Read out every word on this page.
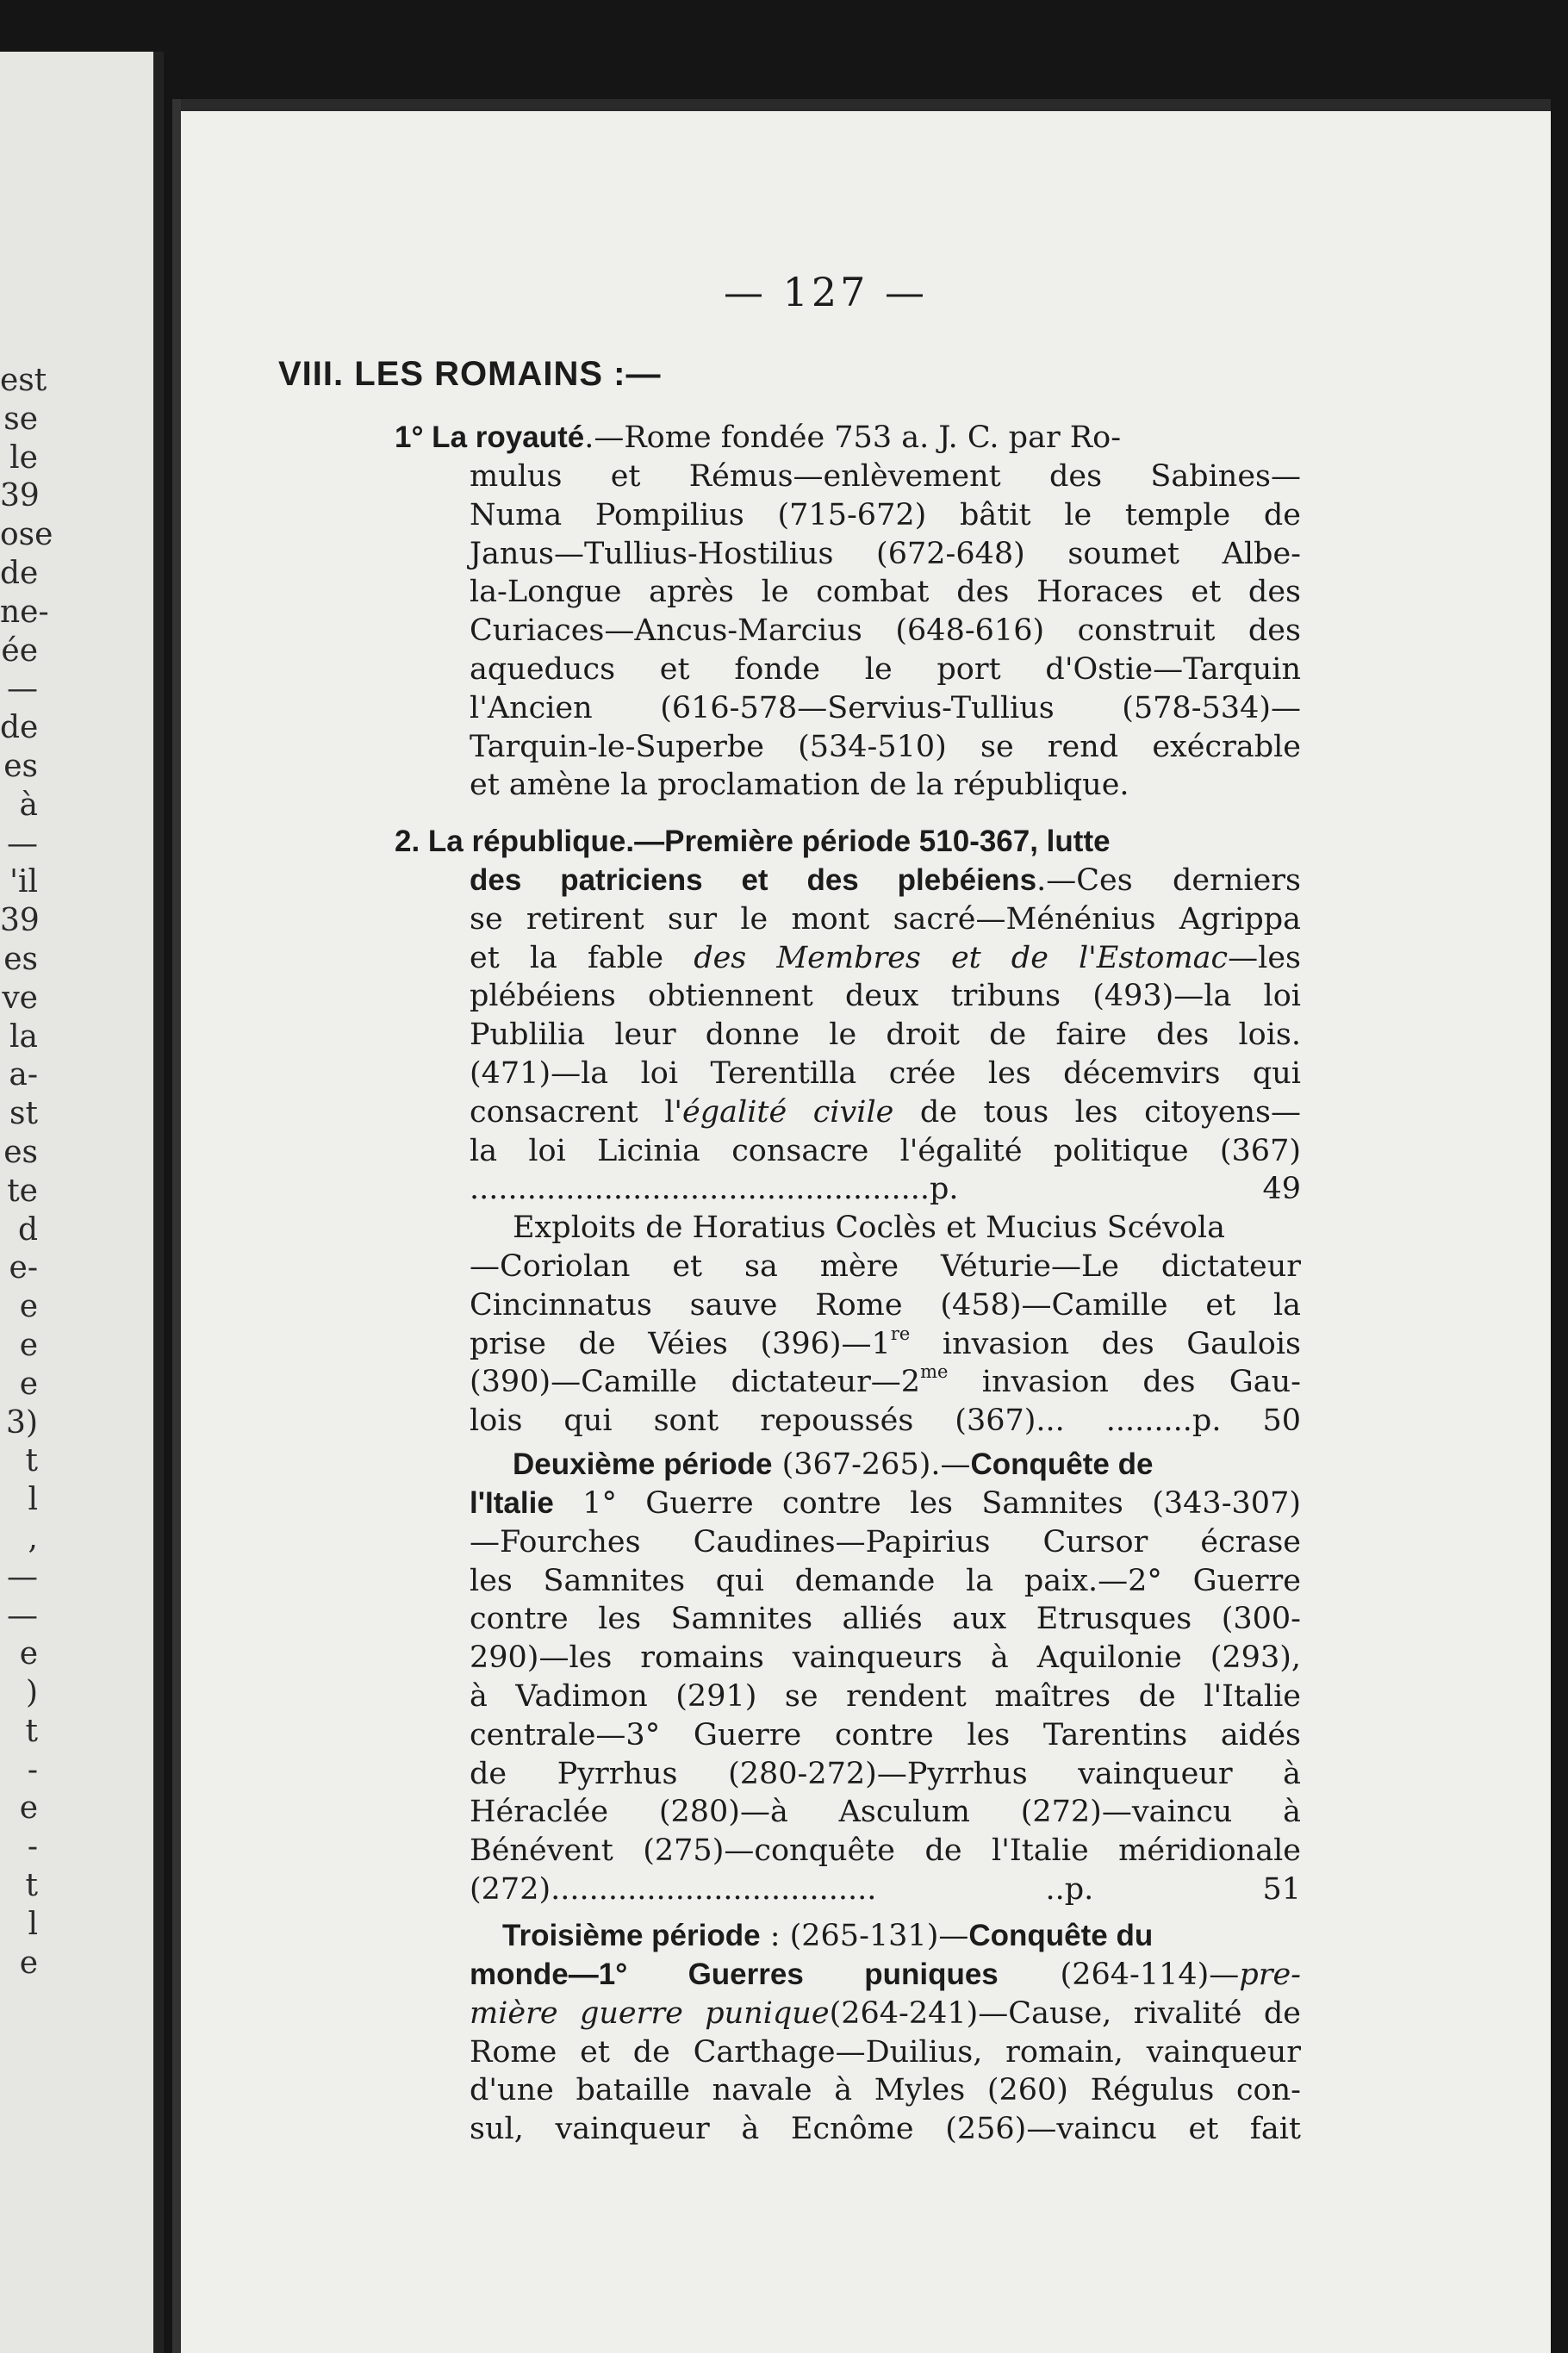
est
se
le
39
ose
de
ne-
ée
—
de
es
à
—
'il
39
es
ve
la
a-
st
es
te
d
e-
e
e
e
3)
t
l
,
—
—
e
)
t
-
e
-
t
l
e
— 127 —
VIII. LES ROMAINS :—
1° La royauté.—Rome fondée 753 a. J. C. par Ro-
mulus et Rémus—enlèvement des Sabines—
Numa Pompilius (715-672) bâtit le temple de
Janus—Tullius-Hostilius (672-648) soumet Albe-
la-Longue après le combat des Horaces et des
Curiaces—Ancus-Marcius (648-616) construit des
aqueducs et fonde le port d'Ostie—Tarquin
l'Ancien (616-578—Servius-Tullius (578-534)—
Tarquin-le-Superbe (534-510) se rend exécrable
et amène la proclamation de la république.
2. La république.—Première période 510-367, lutte
des patriciens et des plebéiens.—Ces derniers
se retirent sur le mont sacré—Ménénius Agrippa
et la fable des Membres et de l'Estomac—les
plébéiens obtiennent deux tribuns (493)—la loi
Publilia leur donne le droit de faire des lois.
(471)—la loi Terentilla crée les décemvirs qui
consacrent l'égalité civile de tous les citoyens—
la loi Licinia consacre l'égalité politique (367)
................................................p. 49
Exploits de Horatius Coclès et Mucius Scévola
—Coriolan et sa mère Véturie—Le dictateur
Cincinnatus sauve Rome (458)—Camille et la
prise de Véies (396)—1re invasion des Gaulois
(390)—Camille $dictateur—2^{me}$ invasion des Gau-
lois qui sont repoussés (367)... .........p. 50
Deuxième période (367-265).—Conquête de
l'Italie 1° Guerre contre les Samnites (343-307)
—Fourches Caudines—Papirius Cursor écrase
les Samnites qui demande la paix.—2° Guerre
contre les Samnites alliés aux Etrusques (300-
290)—les romains vainqueurs à Aquilonie (293),
à Vadimon (291) se rendent maîtres de l'Italie
centrale—3° Guerre contre les Tarentins aidés
de Pyrrhus (280-272)—Pyrrhus vainqueur à
Héraclée (280)—à Asculum (272)—vaincu à
Bénévent (275)—conquête de l'Italie méridionale
(272).................................. ..p. 51
Troisième période : (265-131)—Conquête du
monde—1° Guerres puniques (264-114)—pre-
mière guerre punique(264-241)—Cause, rivalité de
Rome et de Carthage—Duilius, romain, vainqueur
d'une bataille navale à Myles (260) Régulus con-
sul, vainqueur à Ecnôme (256)—vaincu et fait
